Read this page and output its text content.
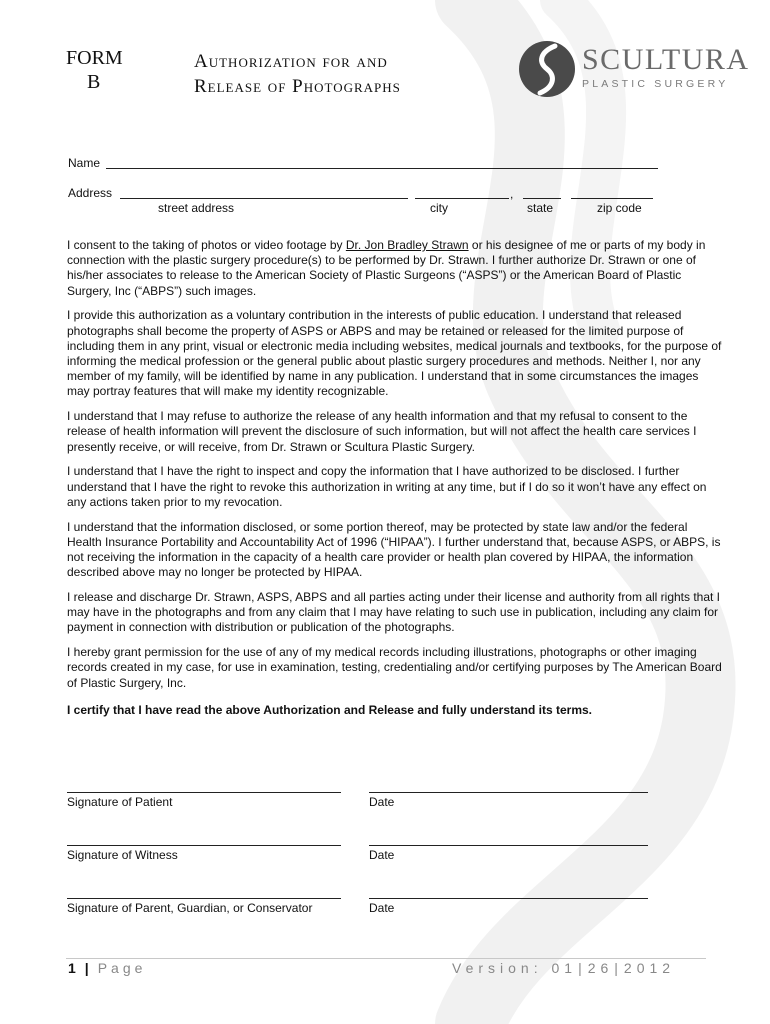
FORM
B
Authorization for and
Release of Photographs
SCULTURA
PLASTIC SURGERY
Name
Address	,
street address	city	state	zip code

I consent to the taking of photos or video footage by Dr. Jon Bradley Strawn or his designee of me or parts of my body in connection with the plastic surgery procedure(s) to be performed by Dr. Strawn. I further authorize Dr. Strawn or one of his/her associates to release to the American Society of Plastic Surgeons (“ASPS”) or the American Board of Plastic Surgery, Inc (“ABPS”) such images.

I provide this authorization as a voluntary contribution in the interests of public education. I understand that released photographs shall become the property of ASPS or ABPS and may be retained or released for the limited purpose of including them in any print, visual or electronic media including websites, medical journals and textbooks, for the purpose of informing the medical profession or the general public about plastic surgery procedures and methods. Neither I, nor any member of my family, will be identified by name in any publication. I understand that in some circumstances the images may portray features that will make my identity recognizable.

I understand that I may refuse to authorize the release of any health information and that my refusal to consent to the release of health information will prevent the disclosure of such information, but will not affect the health care services I presently receive, or will receive, from Dr. Strawn or Scultura Plastic Surgery.

I understand that I have the right to inspect and copy the information that I have authorized to be disclosed. I further understand that I have the right to revoke this authorization in writing at any time, but if I do so it won’t have any effect on any actions taken prior to my revocation.

I understand that the information disclosed, or some portion thereof, may be protected by state law and/or the federal Health Insurance Portability and Accountability Act of 1996 (“HIPAA”). I further understand that, because ASPS, or ABPS, is not receiving the information in the capacity of a health care provider or health plan covered by HIPAA, the information described above may no longer be protected by HIPAA.

I release and discharge Dr. Strawn, ASPS, ABPS and all parties acting under their license and authority from all rights that I may have in the photographs and from any claim that I may have relating to such use in publication, including any claim for payment in connection with distribution or publication of the photographs.

I hereby grant permission for the use of any of my medical records including illustrations, photographs or other imaging records created in my case, for use in examination, testing, credentialing and/or certifying purposes by The American Board of Plastic Surgery, Inc.

I certify that I have read the above Authorization and Release and fully understand its terms.

Signature of Patient	Date
Signature of Witness	Date
Signature of Parent, Guardian, or Conservator	Date
1 | Page	Version: 01|26|2012
